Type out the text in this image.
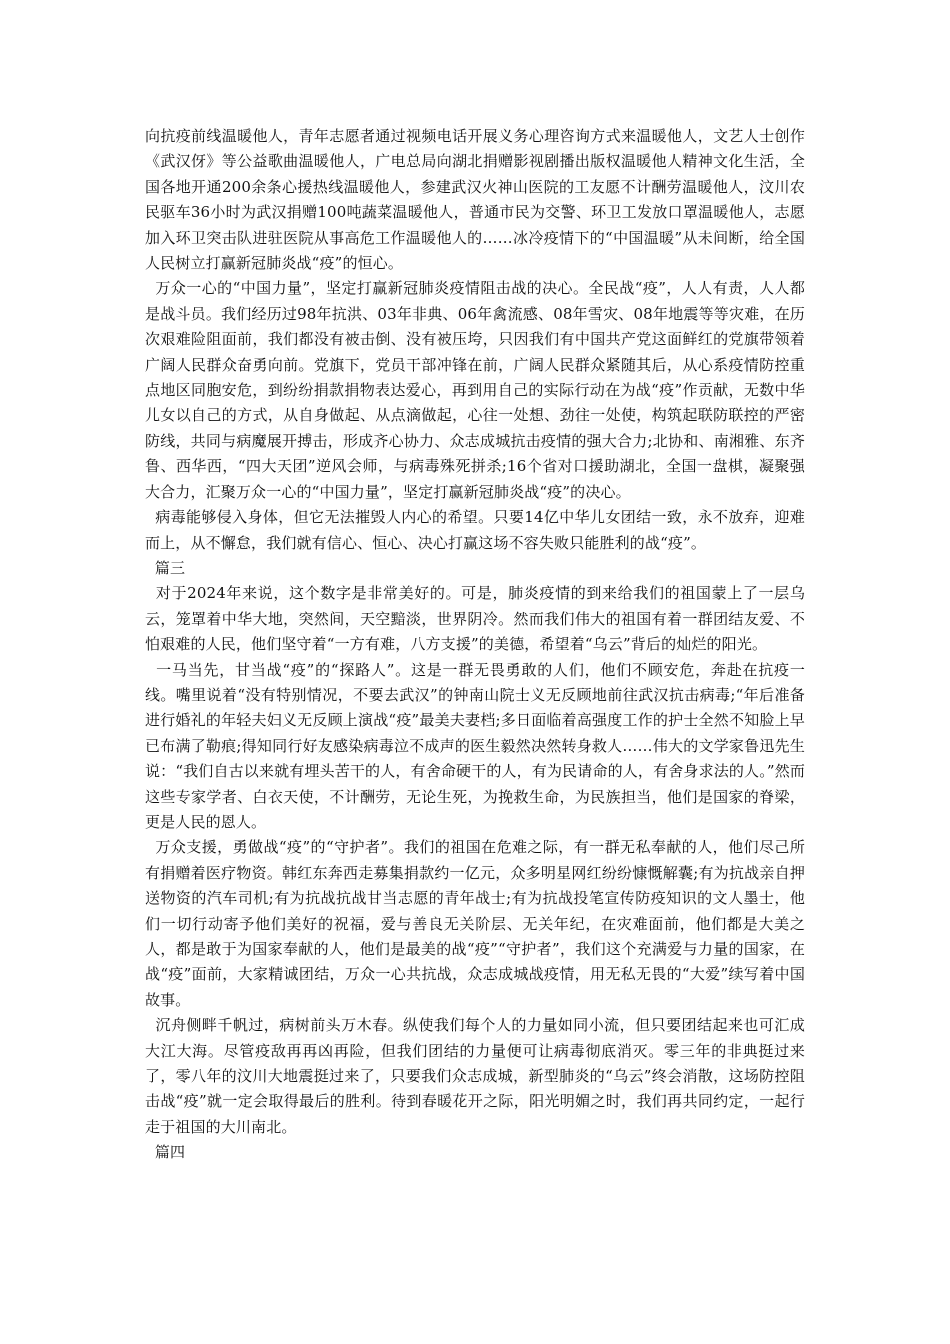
向抗疫前线温暖他人，青年志愿者通过视频电话开展义务心理咨询方式来温暖他人，文艺人士创作《武汉伢》等公益歌曲温暖他人，广电总局向湖北捐赠影视剧播出版权温暖他人精神文化生活，全国各地开通200余条心援热线温暖他人，参建武汉火神山医院的工友愿不计酬劳温暖他人，汶川农民驱车36小时为武汉捐赠100吨蔬菜温暖他人，普通市民为交警、环卫工发放口罩温暖他人，志愿加入环卫突击队进驻医院从事高危工作温暖他人的……冰冷疫情下的“中国温暖”从未间断，给全国人民树立打赢新冠肺炎战“疫”的恒心。

万众一心的“中国力量”，坚定打赢新冠肺炎疫情阻击战的决心。全民战“疫”，人人有责，人人都是战斗员。我们经历过98年抗洪、03年非典、06年禽流感、08年雪灾、08年地震等等灾难，在历次艰难险阻面前，我们都没有被击倒、没有被压垮，只因我们有中国共产党这面鲜红的党旗带领着广阔人民群众奋勇向前。党旗下，党员干部冲锋在前，广阔人民群众紧随其后，从心系疫情防控重点地区同胞安危，到纷纷捐款捐物表达爱心，再到用自己的实际行动在为战“疫”作贡献，无数中华儿女以自己的方式，从自身做起、从点滴做起，心往一处想、劲往一处使，构筑起联防联控的严密防线，共同与病魔展开搏击，形成齐心协力、众志成城抗击疫情的强大合力;北协和、南湘雅、东齐鲁、西华西，“四大天团”逆风会师，与病毒殊死拼杀;16个省对口援助湖北，全国一盘棋，凝聚强大合力，汇聚万众一心的“中国力量”，坚定打赢新冠肺炎战“疫”的决心。

病毒能够侵入身体，但它无法摧毁人内心的希望。只要14亿中华儿女团结一致，永不放弃，迎难而上，从不懈怠，我们就有信心、恒心、决心打赢这场不容失败只能胜利的战“疫”。

篇三

对于2024年来说，这个数字是非常美好的。可是，肺炎疫情的到来给我们的祖国蒙上了一层乌云，笼罩着中华大地，突然间，天空黯淡，世界阴冷。然而我们伟大的祖国有着一群团结友爱、不怕艰难的人民，他们坚守着“一方有难，八方支援”的美德，希望着“乌云”背后的灿烂的阳光。

一马当先，甘当战“疫”的“探路人”。这是一群无畏勇敢的人们，他们不顾安危，奔赴在抗疫一线。嘴里说着“没有特别情况，不要去武汉”的钟南山院士义无反顾地前往武汉抗击病毒;“年后准备进行婚礼的年轻夫妇义无反顾上演战“疫”最美夫妻档;多日面临着高强度工作的护士全然不知脸上早已布满了勒痕;得知同行好友感染病毒泣不成声的医生毅然决然转身救人……伟大的文学家鲁迅先生说：“我们自古以来就有埋头苦干的人，有舍命硬干的人，有为民请命的人，有舍身求法的人。”然而这些专家学者、白衣天使，不计酬劳，无论生死，为挽救生命，为民族担当，他们是国家的脊梁，更是人民的恩人。

万众支援，勇做战“疫”的“守护者”。我们的祖国在危难之际，有一群无私奉献的人，他们尽己所有捐赠着医疗物资。韩红东奔西走募集捐款约一亿元，众多明星网红纷纷慷慨解囊;有为抗战亲自押送物资的汽车司机;有为抗战抗战甘当志愿的青年战士;有为抗战投笔宣传防疫知识的文人墨士，他们一切行动寄予他们美好的祝福，爱与善良无关阶层、无关年纪，在灾难面前，他们都是大美之人，都是敢于为国家奉献的人，他们是最美的战“疫”“守护者”，我们这个充满爱与力量的国家，在战“疫”面前，大家精诚团结，万众一心共抗战，众志成城战疫情，用无私无畏的“大爱”续写着中国故事。

沉舟侧畔千帆过，病树前头万木春。纵使我们每个人的力量如同小流，但只要团结起来也可汇成大江大海。尽管疫敌再再凶再险，但我们团结的力量便可让病毒彻底消灭。零三年的非典挺过来了，零八年的汶川大地震挺过来了，只要我们众志成城，新型肺炎的“乌云”终会消散，这场防控阻击战“疫”就一定会取得最后的胜利。待到春暖花开之际，阳光明媚之时，我们再共同约定，一起行走于祖国的大川南北。

篇四
